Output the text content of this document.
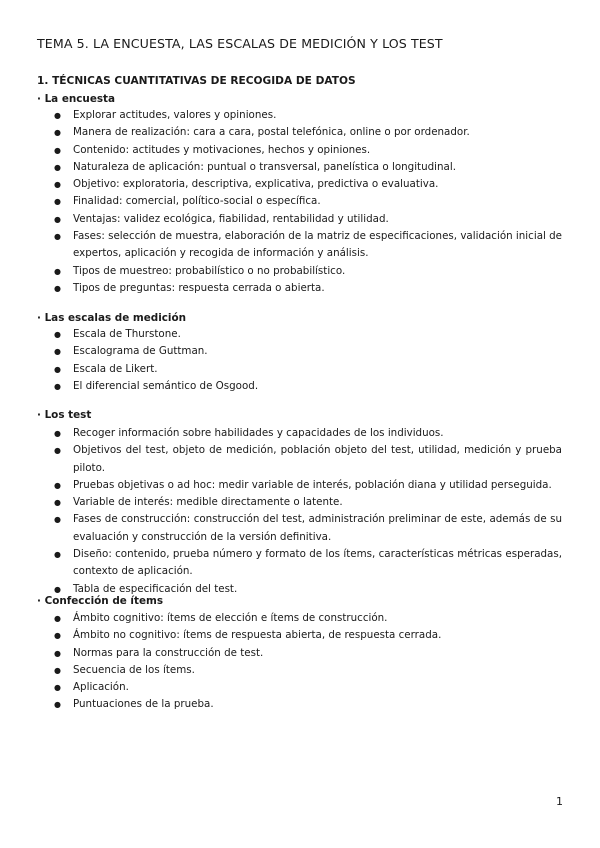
TEMA 5. LA ENCUESTA, LAS ESCALAS DE MEDICIÓN Y LOS TEST
1. TÉCNICAS CUANTITATIVAS DE RECOGIDA DE DATOS
· La encuesta
● Explorar actitudes, valores y opiniones.
● Manera de realización: cara a cara, postal telefónica, online o por ordenador.
● Contenido: actitudes y motivaciones, hechos y opiniones.
● Naturaleza de aplicación: puntual o transversal, panelística o longitudinal.
● Objetivo: exploratoria, descriptiva, explicativa, predictiva o evaluativa.
● Finalidad: comercial, político-social o específica.
● Ventajas: validez ecológica, fiabilidad, rentabilidad y utilidad.
● Fases: selección de muestra, elaboración de la matriz de especificaciones, validación inicial de expertos, aplicación y recogida de información y análisis.
● Tipos de muestreo: probabilístico o no probabilístico.
● Tipos de preguntas: respuesta cerrada o abierta.
· Las escalas de medición
● Escala de Thurstone.
● Escalograma de Guttman.
● Escala de Likert.
● El diferencial semántico de Osgood.
· Los test
● Recoger información sobre habilidades y capacidades de los individuos.
● Objetivos del test, objeto de medición, población objeto del test, utilidad, medición y prueba piloto.
● Pruebas objetivas o ad hoc: medir variable de interés, población diana y utilidad perseguida.
● Variable de interés: medible directamente o latente.
● Fases de construcción: construcción del test, administración preliminar de este, además de su evaluación y construcción de la versión definitiva.
● Diseño: contenido, prueba número y formato de los ítems, características métricas esperadas, contexto de aplicación.
● Tabla de especificación del test.
· Confección de ítems
● Ámbito cognitivo: ítems de elección e ítems de construcción.
● Ámbito no cognitivo: ítems de respuesta abierta, de respuesta cerrada.
● Normas para la construcción de test.
● Secuencia de los ítems.
● Aplicación.
● Puntuaciones de la prueba.
1
